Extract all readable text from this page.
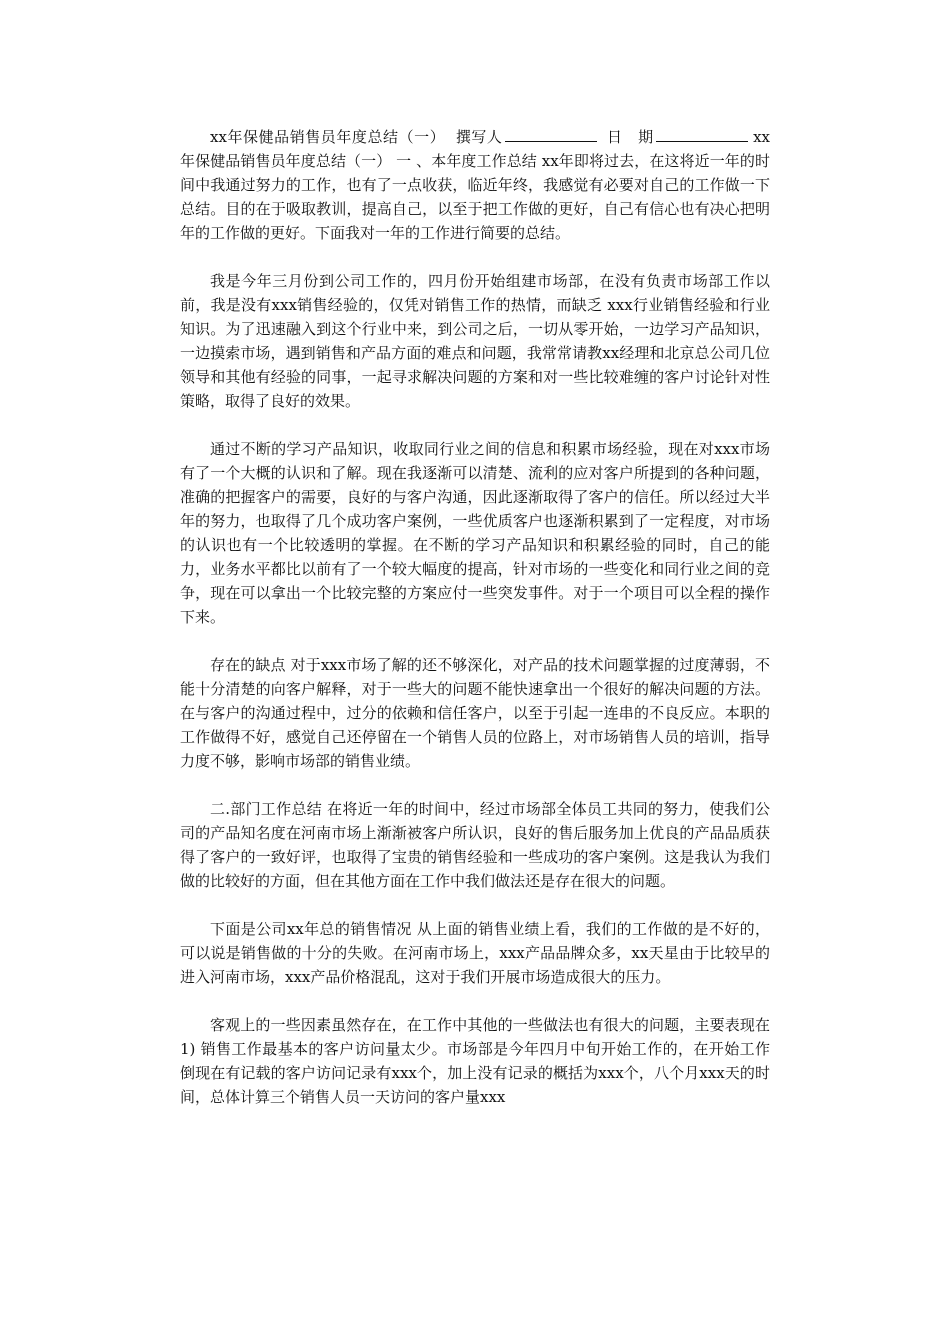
xx年保健品销售员年度总结（一） 撰写人	日　期	xx年保健品销售员年度总结（一） 一 、本年度工作总结 xx年即将过去，在这将近一年的时间中我通过努力的工作，也有了一点收获，临近年终，我感觉有必要对自己的工作做一下总结。目的在于吸取教训，提高自己，以至于把工作做的更好，自己有信心也有决心把明年的工作做的更好。下面我对一年的工作进行简要的总结。

我是今年三月份到公司工作的，四月份开始组建市场部，在没有负责市场部工作以前，我是没有xxx销售经验的，仅凭对销售工作的热情，而缺乏 xxx行业销售经验和行业知识。为了迅速融入到这个行业中来，到公司之后，一切从零开始，一边学习产品知识，一边摸索市场，遇到销售和产品方面的难点和问题，我常常请教xx经理和北京总公司几位领导和其他有经验的同事，一起寻求解决问题的方案和对一些比较难缠的客户讨论针对性策略，取得了良好的效果。

通过不断的学习产品知识，收取同行业之间的信息和积累市场经验，现在对xxx市场有了一个大概的认识和了解。现在我逐渐可以清楚、流利的应对客户所提到的各种问题，准确的把握客户的需要，良好的与客户沟通，因此逐渐取得了客户的信任。所以经过大半年的努力，也取得了几个成功客户案例，一些优质客户也逐渐积累到了一定程度，对市场的认识也有一个比较透明的掌握。在不断的学习产品知识和积累经验的同时，自己的能力，业务水平都比以前有了一个较大幅度的提高，针对市场的一些变化和同行业之间的竞争，现在可以拿出一个比较完整的方案应付一些突发事件。对于一个项目可以全程的操作下来。

存在的缺点 对于xxx市场了解的还不够深化，对产品的技术问题掌握的过度薄弱，不能十分清楚的向客户解释，对于一些大的问题不能快速拿出一个很好的解决问题的方法。在与客户的沟通过程中，过分的依赖和信任客户，以至于引起一连串的不良反应。本职的工作做得不好，感觉自己还停留在一个销售人员的位路上，对市场销售人员的培训，指导力度不够，影响市场部的销售业绩。

二.部门工作总结 在将近一年的时间中，经过市场部全体员工共同的努力，使我们公司的产品知名度在河南市场上渐渐被客户所认识，良好的售后服务加上优良的产品品质获得了客户的一致好评，也取得了宝贵的销售经验和一些成功的客户案例。这是我认为我们做的比较好的方面，但在其他方面在工作中我们做法还是存在很大的问题。

下面是公司xx年总的销售情况 从上面的销售业绩上看，我们的工作做的是不好的，可以说是销售做的十分的失败。在河南市场上，xxx产品品牌众多，xx天星由于比较早的进入河南市场，xxx产品价格混乱，这对于我们开展市场造成很大的压力。

客观上的一些因素虽然存在，在工作中其他的一些做法也有很大的问题，主要表现在 1) 销售工作最基本的客户访问量太少。市场部是今年四月中旬开始工作的，在开始工作倒现在有记载的客户访问记录有xxx个，加上没有记录的概括为xxx个，八个月xxx天的时间，总体计算三个销售人员一天访问的客户量xxx
